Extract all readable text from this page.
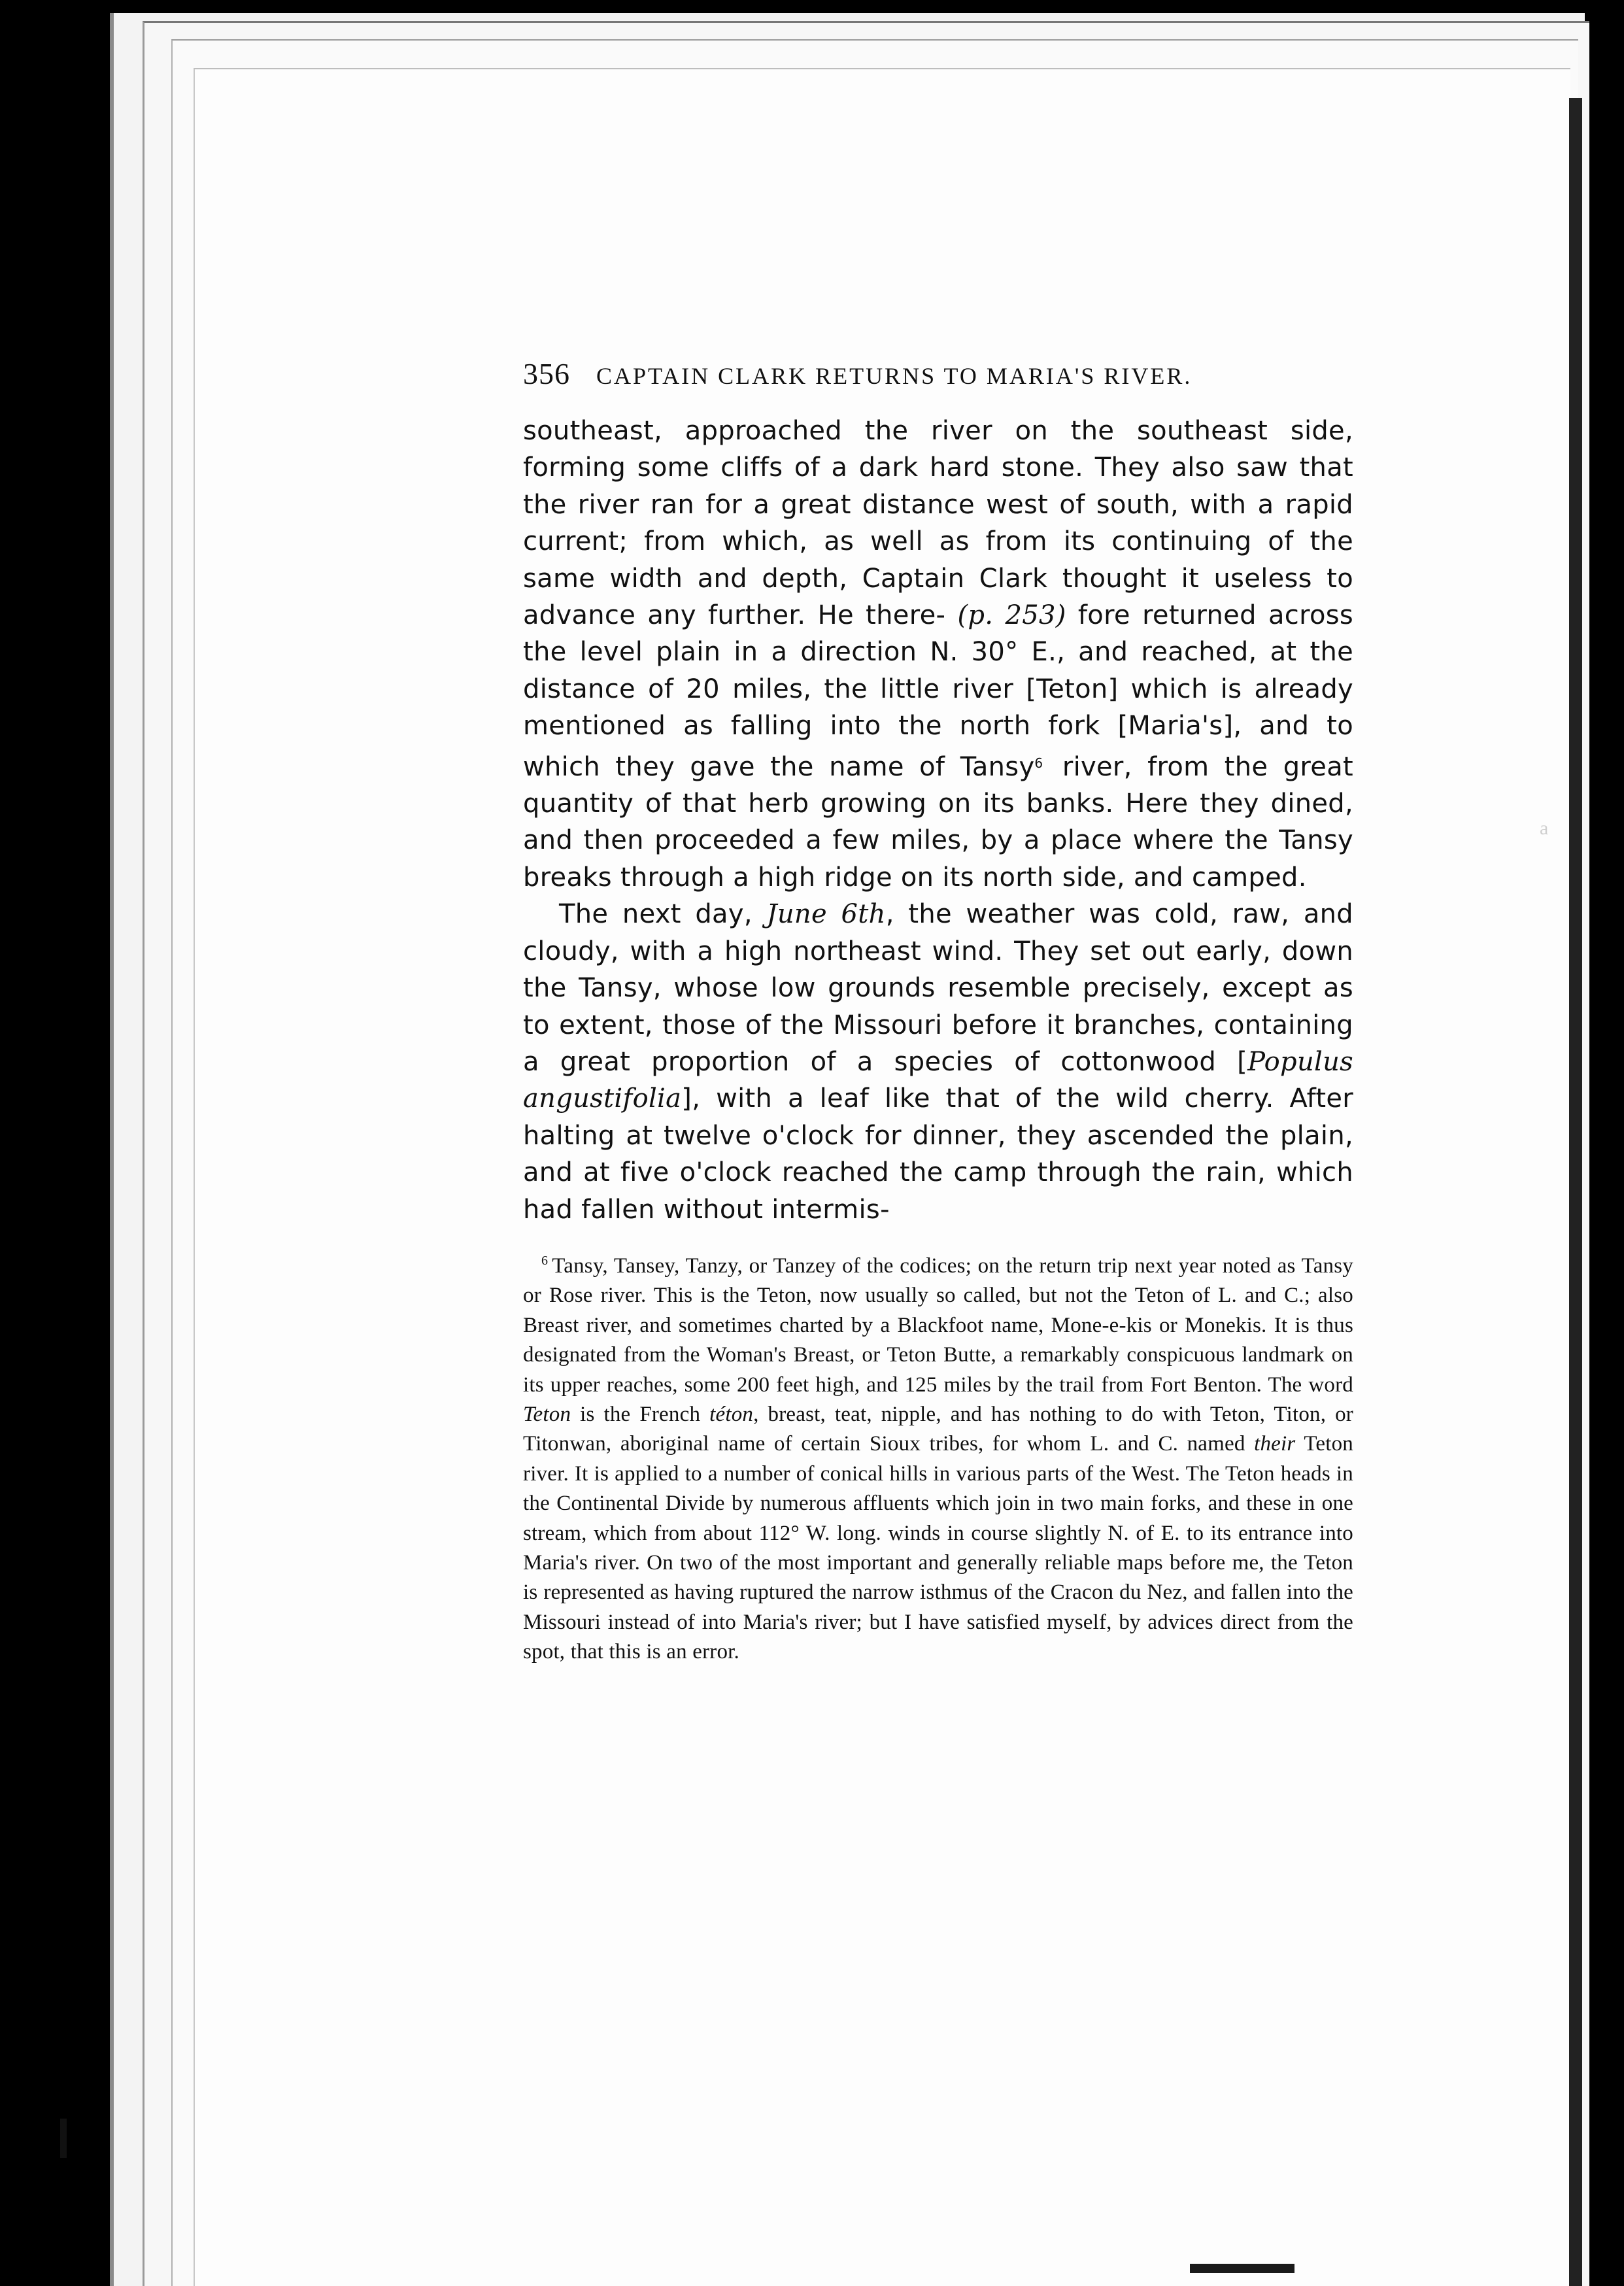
a
356 CAPTAIN CLARK RETURNS TO MARIA'S RIVER.

southeast, approached the river on the southeast side, forming some cliffs of a dark hard stone. They also saw that the river ran for a great distance west of south, with a rapid current; from which, as well as from its continuing of the same width and depth, Captain Clark thought it useless to advance any further. He there- (p. 253) fore returned across the level plain in a direction N. 30° E., and reached, at the distance of 20 miles, the little river [Teton] which is already mentioned as falling into the north fork [Maria's], and to which they gave the name of Tansy$^6$ river, from the great quantity of that herb growing on its banks. Here they dined, and then proceeded a few miles, by a place where the Tansy breaks through a high ridge on its north side, and camped.

The next day, June 6th, the weather was cold, raw, and cloudy, with a high northeast wind. They set out early, down the Tansy, whose low grounds resemble precisely, except as to extent, those of the Missouri before it branches, containing a great proportion of a species of cottonwood [Populus angustifolia], with a leaf like that of the wild cherry. After halting at twelve o'clock for dinner, they ascended the plain, and at five o'clock reached the camp through the rain, which had fallen without intermis-

$^6$ Tansy, Tansey, Tanzy, or Tanzey of the codices; on the return trip next year noted as Tansy or Rose river. This is the Teton, now usually so called, but not the Teton of L. and C.; also Breast river, and sometimes charted by a Blackfoot name, Mone-e-kis or Monekis. It is thus designated from the Woman's Breast, or Teton Butte, a remarkably conspicuous landmark on its upper reaches, some 200 feet high, and 125 miles by the trail from Fort Benton. The word Teton is the French téton, breast, teat, nipple, and has nothing to do with Teton, Titon, or Titonwan, aboriginal name of certain Sioux tribes, for whom L. and C. named their Teton river. It is applied to a number of conical hills in various parts of the West. The Teton heads in the Continental Divide by numerous affluents which join in two main forks, and these in one stream, which from about 112° W. long. winds in course slightly N. of E. to its entrance into Maria's river. On two of the most important and generally reliable maps before me, the Teton is represented as having ruptured the narrow isthmus of the Cracon du Nez, and fallen into the Missouri instead of into Maria's river; but I have satisfied myself, by advices direct from the spot, that this is an error.
